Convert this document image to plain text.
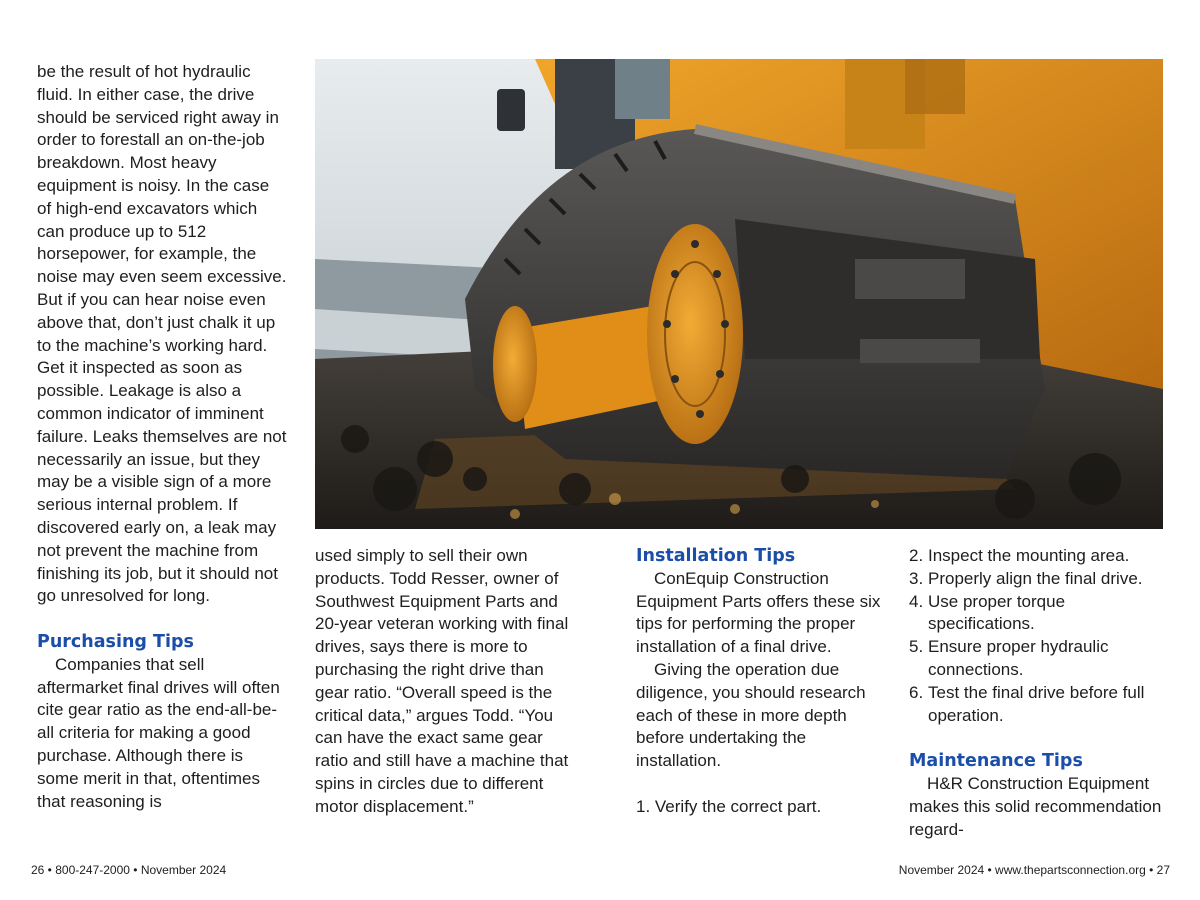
be the result of hot hydraulic fluid. In either case, the drive should be serviced right away in order to forestall an on-the-job breakdown. Most heavy equipment is noisy. In the case of high-end excavators which can produce up to 512 horsepower, for example, the noise may even seem excessive. But if you can hear noise even above that, don’t just chalk it up to the machine’s working hard. Get it inspected as soon as possible. Leakage is also a common indicator of imminent failure. Leaks themselves are not necessarily an issue, but they may be a visible sign of a more serious internal problem. If discovered early on, a leak may not prevent the machine from finishing its job, but it should not go unresolved for long.

Purchasing Tips

Companies that sell aftermarket final drives will often cite gear ratio as the end-all-be-all criteria for making a good purchase. Although there is some merit in that, oftentimes that reasoning is

used simply to sell their own products. Todd Resser, owner of Southwest Equipment Parts and 20-year veteran working with final drives, says there is more to purchasing the right drive than gear ratio. “Overall speed is the critical data,” argues Todd. “You can have the exact same gear ratio and still have a machine that spins in circles due to different motor displacement.”

Installation Tips

ConEquip Construction Equipment Parts offers these six tips for performing the proper installation of a final drive.

Giving the operation due diligence, you should research each of these in more depth before undertaking the installation.

1. Verify the correct part.

2. Inspect the mounting area.
3. Properly align the final drive.
4. Use proper torque specifications.
5. Ensure proper hydraulic connections.
6. Test the final drive before full operation.
Maintenance Tips

H&R Construction Equipment makes this solid recommendation regard-

26 • 800-247-2000 • November 2024	November 2024 • www.thepartsconnection.org • 27
